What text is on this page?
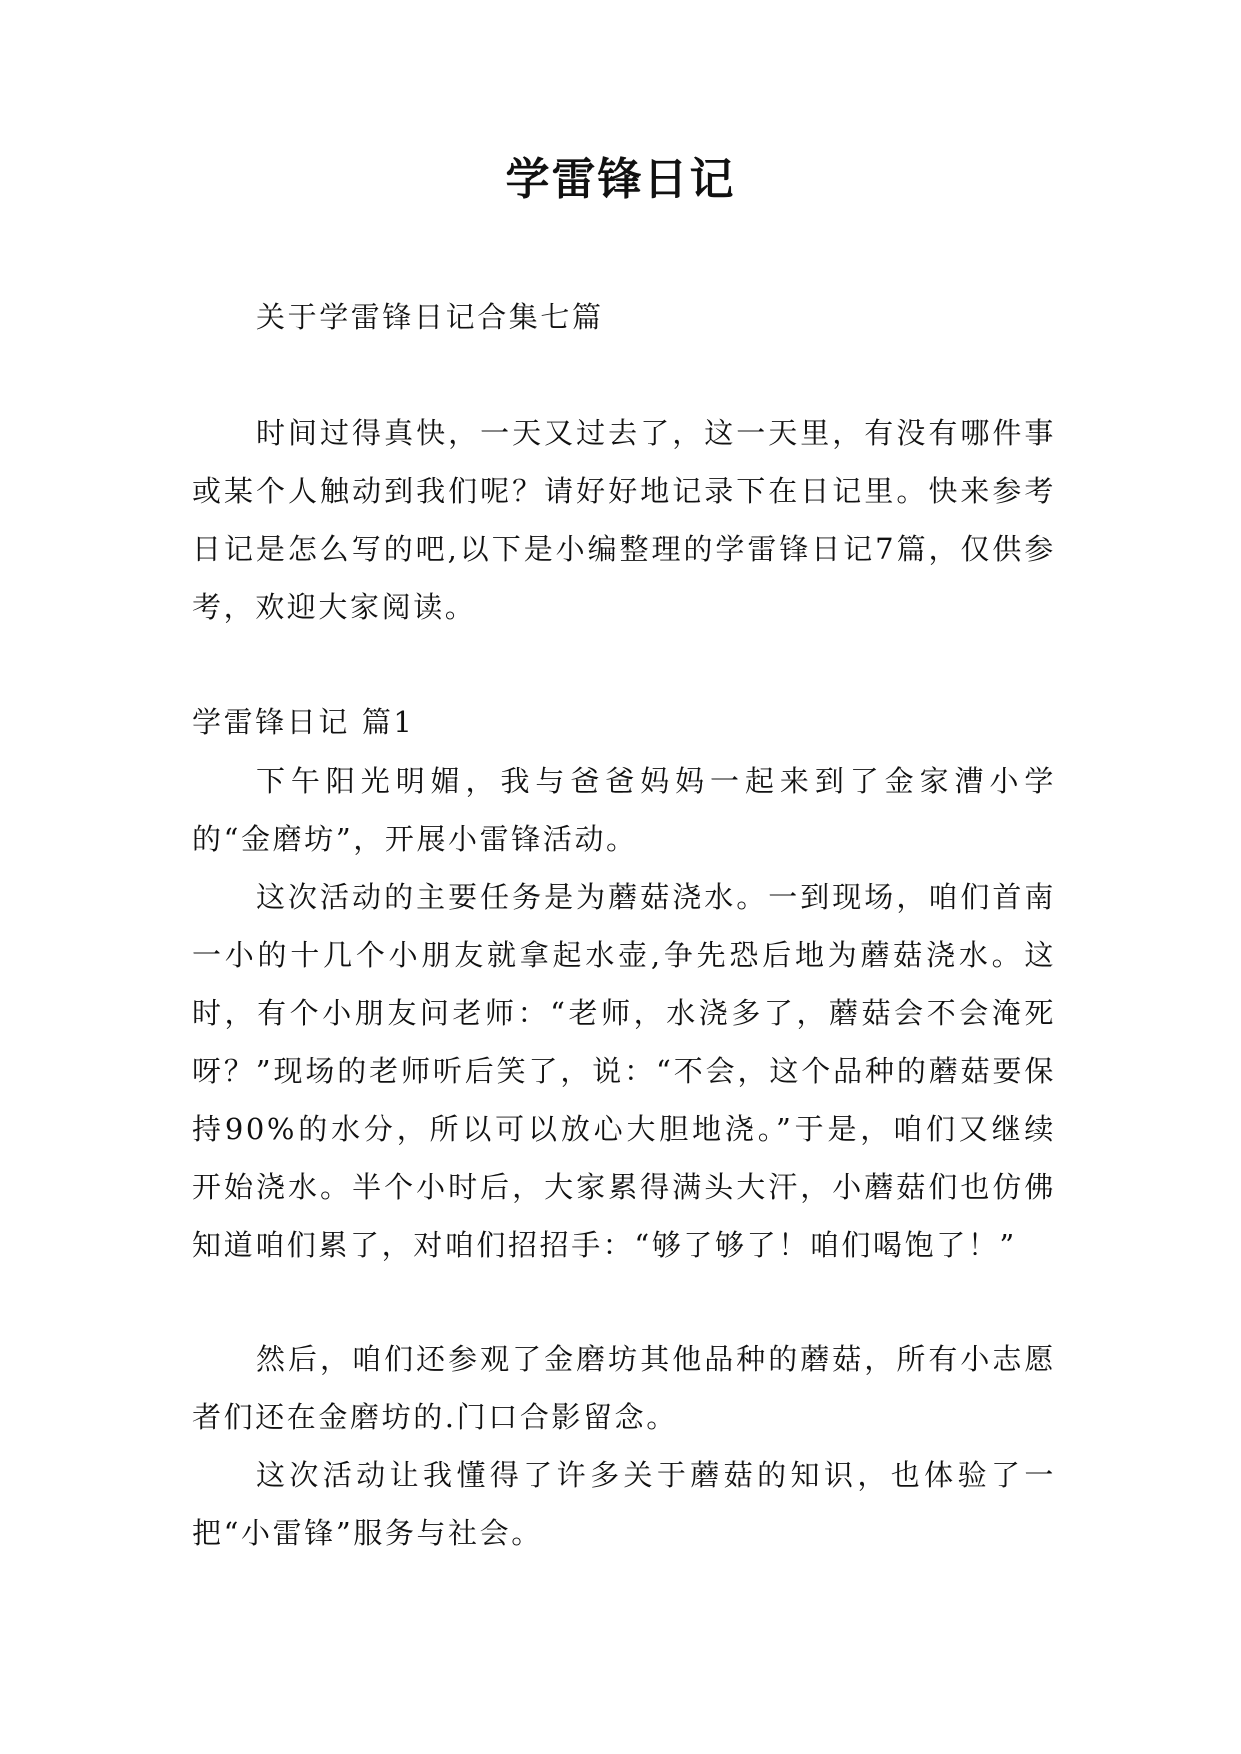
学雷锋日记

关于学雷锋日记合集七篇

时间过得真快，一天又过去了，这一天里，有没有哪件事或某个人触动到我们呢？请好好地记录下在日记里。快来参考日记是怎么写的吧,以下是小编整理的学雷锋日记7篇，仅供参考，欢迎大家阅读。

学雷锋日记 篇1

下午阳光明媚，我与爸爸妈妈一起来到了金家漕小学的“金磨坊”，开展小雷锋活动。

这次活动的主要任务是为蘑菇浇水。一到现场，咱们首南一小的十几个小朋友就拿起水壶,争先恐后地为蘑菇浇水。这时，有个小朋友问老师：“老师，水浇多了，蘑菇会不会淹死呀？”现场的老师听后笑了，说：“不会，这个品种的蘑菇要保持90%的水分，所以可以放心大胆地浇。”于是，咱们又继续开始浇水。半个小时后，大家累得满头大汗，小蘑菇们也仿佛知道咱们累了，对咱们招招手：“够了够了！咱们喝饱了！”

然后，咱们还参观了金磨坊其他品种的蘑菇，所有小志愿者们还在金磨坊的.门口合影留念。

这次活动让我懂得了许多关于蘑菇的知识，也体验了一把“小雷锋”服务与社会。
